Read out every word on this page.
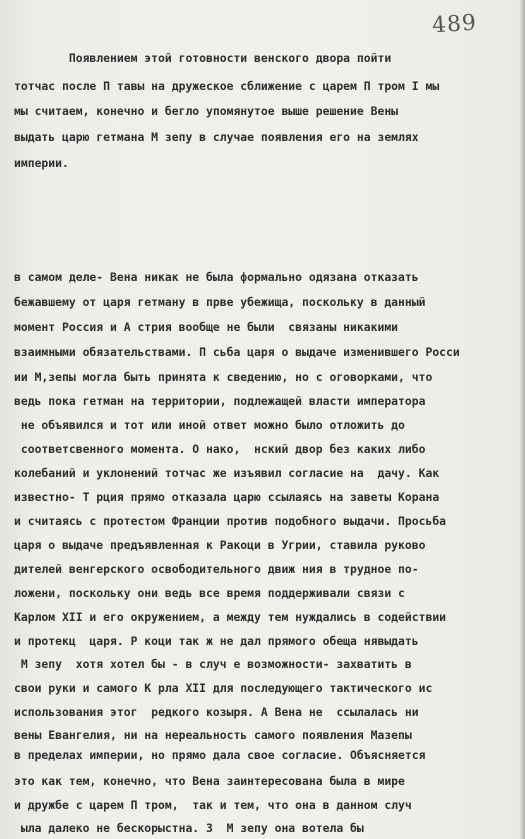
489
Появлением этой готовности венского двора пойти
тотчас после П тавы на дружеское сближение с царем П тром I мы
мы считаем, конечно и бегло упомянутое выше решение Вены
выдать царю гетмана М зепу в случае появления его на землях
империи.
в самом деле- Вена никак не была формально одязана отказать
бежавшему от царя гетману в прве убежища, поскольку в данный
момент Россия и А стрия вообще не были  связаны никакими
взаимными обязательствами. П сьба царя о выдаче изменившего Росси
ии М,зепы могла быть принята к сведению, но с оговорками, что
ведь пока гетман на территории, подлежащей власти императора
не объявился и тот или иной ответ можно было отложить до
соответсвенного момента. О нако,  нский двор без каких либо
колебаний и уклонений тотчас же изъявил согласие на  дачу. Как
известно- Т рция прямо отказала царю ссылаясь на заветы Корана
и считаясь с протестом Франции против подобного выдачи. Просьба
царя о выдаче предъявленная к Ракоци в Угрии, ставила руково
дителей венгерского освободительного движ ния в трудное по-
ложени, поскольку они ведь все время поддерживали связи с
Карлом XII и его окружением, а между тем нуждались в содействии
и протекц  царя. Р коци так ж не дал прямого обеща нявыдать
М зепу  хотя хотел бы - в случ е возможности- захватить в
свои руки и самого К рла XII для последующего тактического ис
использования этог  редкого козыря. А Вена не  ссылалась ни
вены Евангелия, ни на нереальность самого появления Мазепы
в пределах империи, но прямо дала свое согласие. Объясняется
это как тем, конечно, что Вена заинтересована была в мире
и дружбе с царем П тром,  так и тем, что она в данном случ
ыла далеко не бескорыстна. З  М зепу она вотела бы
